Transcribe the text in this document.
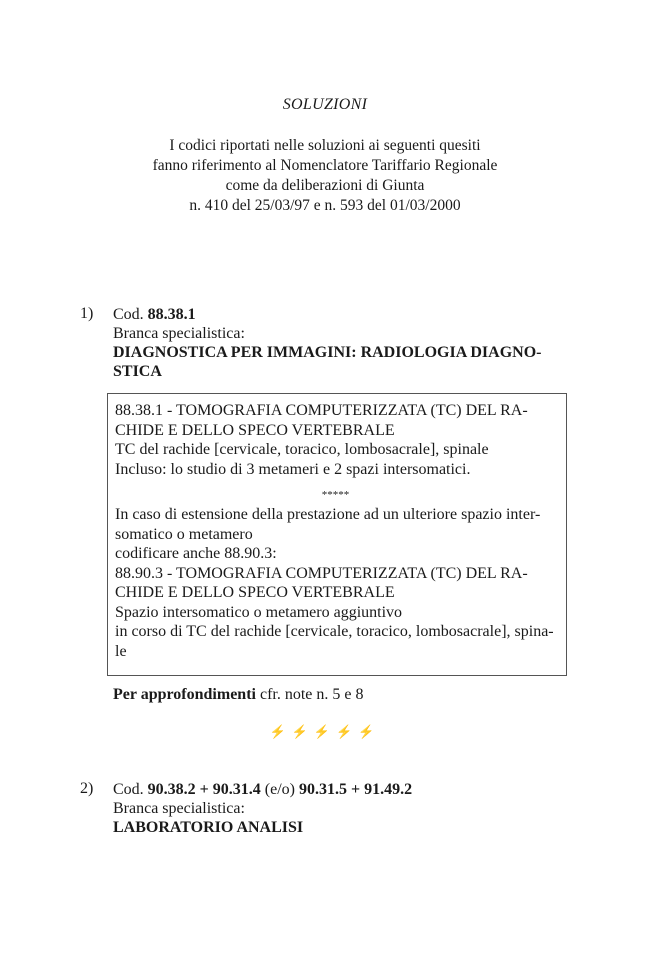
SOLUZIONI
I codici riportati nelle soluzioni ai seguenti quesiti
fanno riferimento al Nomenclatore Tariffario Regionale
come da deliberazioni di Giunta
n. 410 del 25/03/97 e n. 593 del 01/03/2000
1) Cod. 88.38.1
Branca specialistica:
DIAGNOSTICA PER IMMAGINI: RADIOLOGIA DIAGNO-
STICA
88.38.1 - TOMOGRAFIA COMPUTERIZZATA (TC) DEL RA-
CHIDE E DELLO SPECO VERTEBRALE
TC del rachide [cervicale, toracico, lombosacrale], spinale
Incluso: lo studio di 3 metameri e 2 spazi intersomatici.
*****
In caso di estensione della prestazione ad un ulteriore spazio inter-
somatico o metamero
codificare anche 88.90.3:
88.90.3 - TOMOGRAFIA COMPUTERIZZATA (TC) DEL RA-
CHIDE E DELLO SPECO VERTEBRALE
Spazio intersomatico o metamero aggiuntivo
in corso di TC del rachide [cervicale, toracico, lombosacrale], spina-
le
Per approfondimenti cfr. note n. 5 e 8
⚡⚡⚡⚡⚡
2) Cod. 90.38.2 + 90.31.4 (e/o) 90.31.5 + 91.49.2
Branca specialistica:
LABORATORIO ANALISI
